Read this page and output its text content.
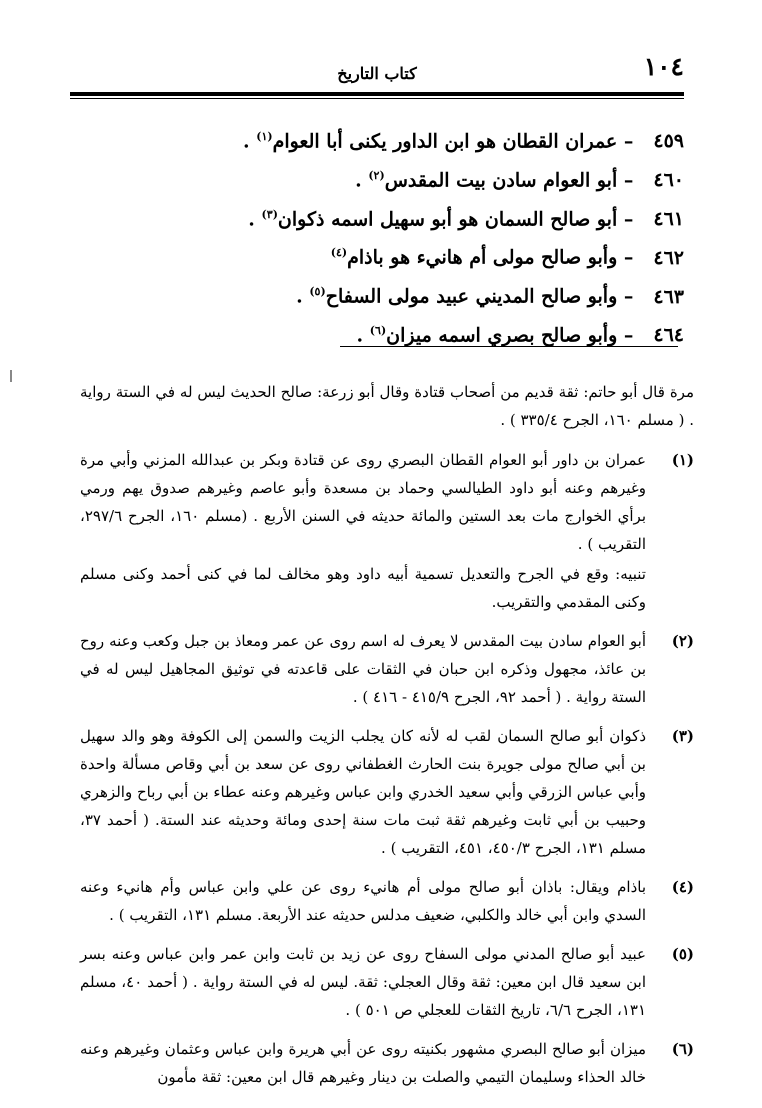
١٠٤
كتاب التاريخ
٤٥٩ – عمران القطان هو ابن الداور يكنى أبا العوام$^{(١)}$ .
٤٦٠ – أبو العوام سادن بيت المقدس$^{(٢)}$ .
٤٦١ – أبو صالح السمان هو أبو سهيل اسمه ذكوان$^{(٣)}$ .
٤٦٢ – وأبو صالح مولى أم هانيء هو باذام$^{(٤)}$
٤٦٣ – وأبو صالح المديني عبيد مولى السفاح$^{(٥)}$ .
٤٦٤ – وأبو صالح بصري اسمه ميزان$^{(٦)}$ .

مرة قال أبو حاتم: ثقة قديم من أصحاب قتادة وقال أبو زرعة: صالح الحديث ليس له في الستة رواية . ( مسلم ١٦٠، الجرح ٣٣٥/٤ ) .

(١)

عمران بن داور أبو العوام القطان البصري روى عن قتادة وبكر بن عبدالله المزني وأبي مرة وغيرهم وعنه أبو داود الطيالسي وحماد بن مسعدة وأبو عاصم وغيرهم صدوق يهم ورمي برأي الخوارج مات بعد الستين والمائة حديثه في السنن الأربع . (مسلم ١٦٠، الجرح ٢٩٧/٦، التقريب ) .

تنبيه: وقع في الجرح والتعديل تسمية أبيه داود وهو مخالف لما في كنى أحمد وكنى مسلم وكنى المقدمي والتقريب.

(٢)

أبو العوام سادن بيت المقدس لا يعرف له اسم روى عن عمر ومعاذ بن جبل وكعب وعنه روح بن عائذ، مجهول وذكره ابن حبان في الثقات على قاعدته في توثيق المجاهيل ليس له في الستة رواية . ( أحمد ٩٢، الجرح ٤١٥/٩ - ٤١٦ ) .

(٣)

ذكوان أبو صالح السمان لقب له لأنه كان يجلب الزيت والسمن إلى الكوفة وهو والد سهيل بن أبي صالح مولى جويرة بنت الحارث الغطفاني روى عن سعد بن أبي وقاص مسألة واحدة وأبي عباس الزرقي وأبي سعيد الخدري وابن عباس وغيرهم وعنه عطاء بن أبي رباح والزهري وحبيب بن أبي ثابت وغيرهم ثقة ثبت مات سنة إحدى ومائة وحديثه عند الستة. ( أحمد ٣٧، مسلم ١٣١، الجرح ٤٥٠/٣، ٤٥١، التقريب ) .

(٤)

باذام ويقال: باذان أبو صالح مولى أم هانيء روى عن علي وابن عباس وأم هانيء وعنه السدي وابن أبي خالد والكلبي، ضعيف مدلس حديثه عند الأربعة. مسلم ١٣١، التقريب ) .

(٥)

عبيد أبو صالح المدني مولى السفاح روى عن زيد بن ثابت وابن عمر وابن عباس وعنه بسر ابن سعيد قال ابن معين: ثقة وقال العجلي: ثقة. ليس له في الستة رواية . ( أحمد ٤٠، مسلم ١٣١، الجرح ٦/٦، تاريخ الثقات للعجلي ص ٥٠١ ) .

(٦)

ميزان أبو صالح البصري مشهور بكنيته روى عن أبي هريرة وابن عباس وعثمان وغيرهم وعنه خالد الحذاء وسليمان التيمي والصلت بن دينار وغيرهم قال ابن معين: ثقة مأمون
